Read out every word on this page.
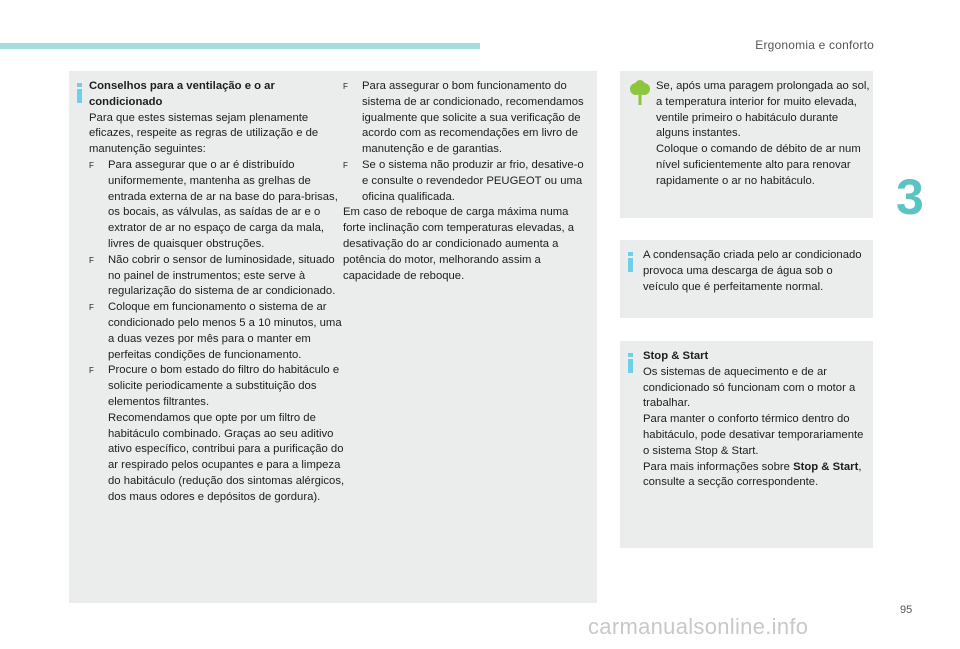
Ergonomia e conforto
3
95

Conselhos para a ventilação e o ar condicionado

Para que estes sistemas sejam plenamente eficazes, respeite as regras de utilização e de manutenção seguintes:

F	Para assegurar que o ar é distribuído uniformemente, mantenha as grelhas de entrada externa de ar na base do para-brisas, os bocais, as válvulas, as saídas de ar e o extrator de ar no espaço de carga da mala, livres de quaisquer obstruções.
F	Não cobrir o sensor de luminosidade, situado no painel de instrumentos; este serve à regularização do sistema de ar condicionado.
F	Coloque em funcionamento o sistema de ar condicionado pelo menos 5 a 10 minutos, uma a duas vezes por mês para o manter em perfeitas condições de funcionamento.
F	Procure o bom estado do filtro do habitáculo e solicite periodicamente a substituição dos elementos filtrantes.

Recomendamos que opte por um filtro de habitáculo combinado. Graças ao seu aditivo ativo específico, contribui para a purificação do ar respirado pelos ocupantes e para a limpeza do habitáculo (redução dos sintomas alérgicos, dos maus odores e depósitos de gordura).

F	Para assegurar o bom funcionamento do sistema de ar condicionado, recomendamos igualmente que solicite a sua verificação de acordo com as recomendações em livro de manutenção e de garantias.
F	Se o sistema não produzir ar frio, desative-o e consulte o revendedor PEUGEOT ou uma oficina qualificada.

Em caso de reboque de carga máxima numa forte inclinação com temperaturas elevadas, a desativação do ar condicionado aumenta a potência do motor, melhorando assim a capacidade de reboque.

Se, após uma paragem prolongada ao sol, a temperatura interior for muito elevada, ventile primeiro o habitáculo durante alguns instantes.

Coloque o comando de débito de ar num nível suficientemente alto para renovar rapidamente o ar no habitáculo.

A condensação criada pelo ar condicionado provoca uma descarga de água sob o veículo que é perfeitamente normal.

Stop & Start

Os sistemas de aquecimento e de ar condicionado só funcionam com o motor a trabalhar.

Para manter o conforto térmico dentro do habitáculo, pode desativar temporariamente o sistema Stop & Start.

Para mais informações sobre Stop & Start, consulte a secção correspondente.

carmanualsonline.info
